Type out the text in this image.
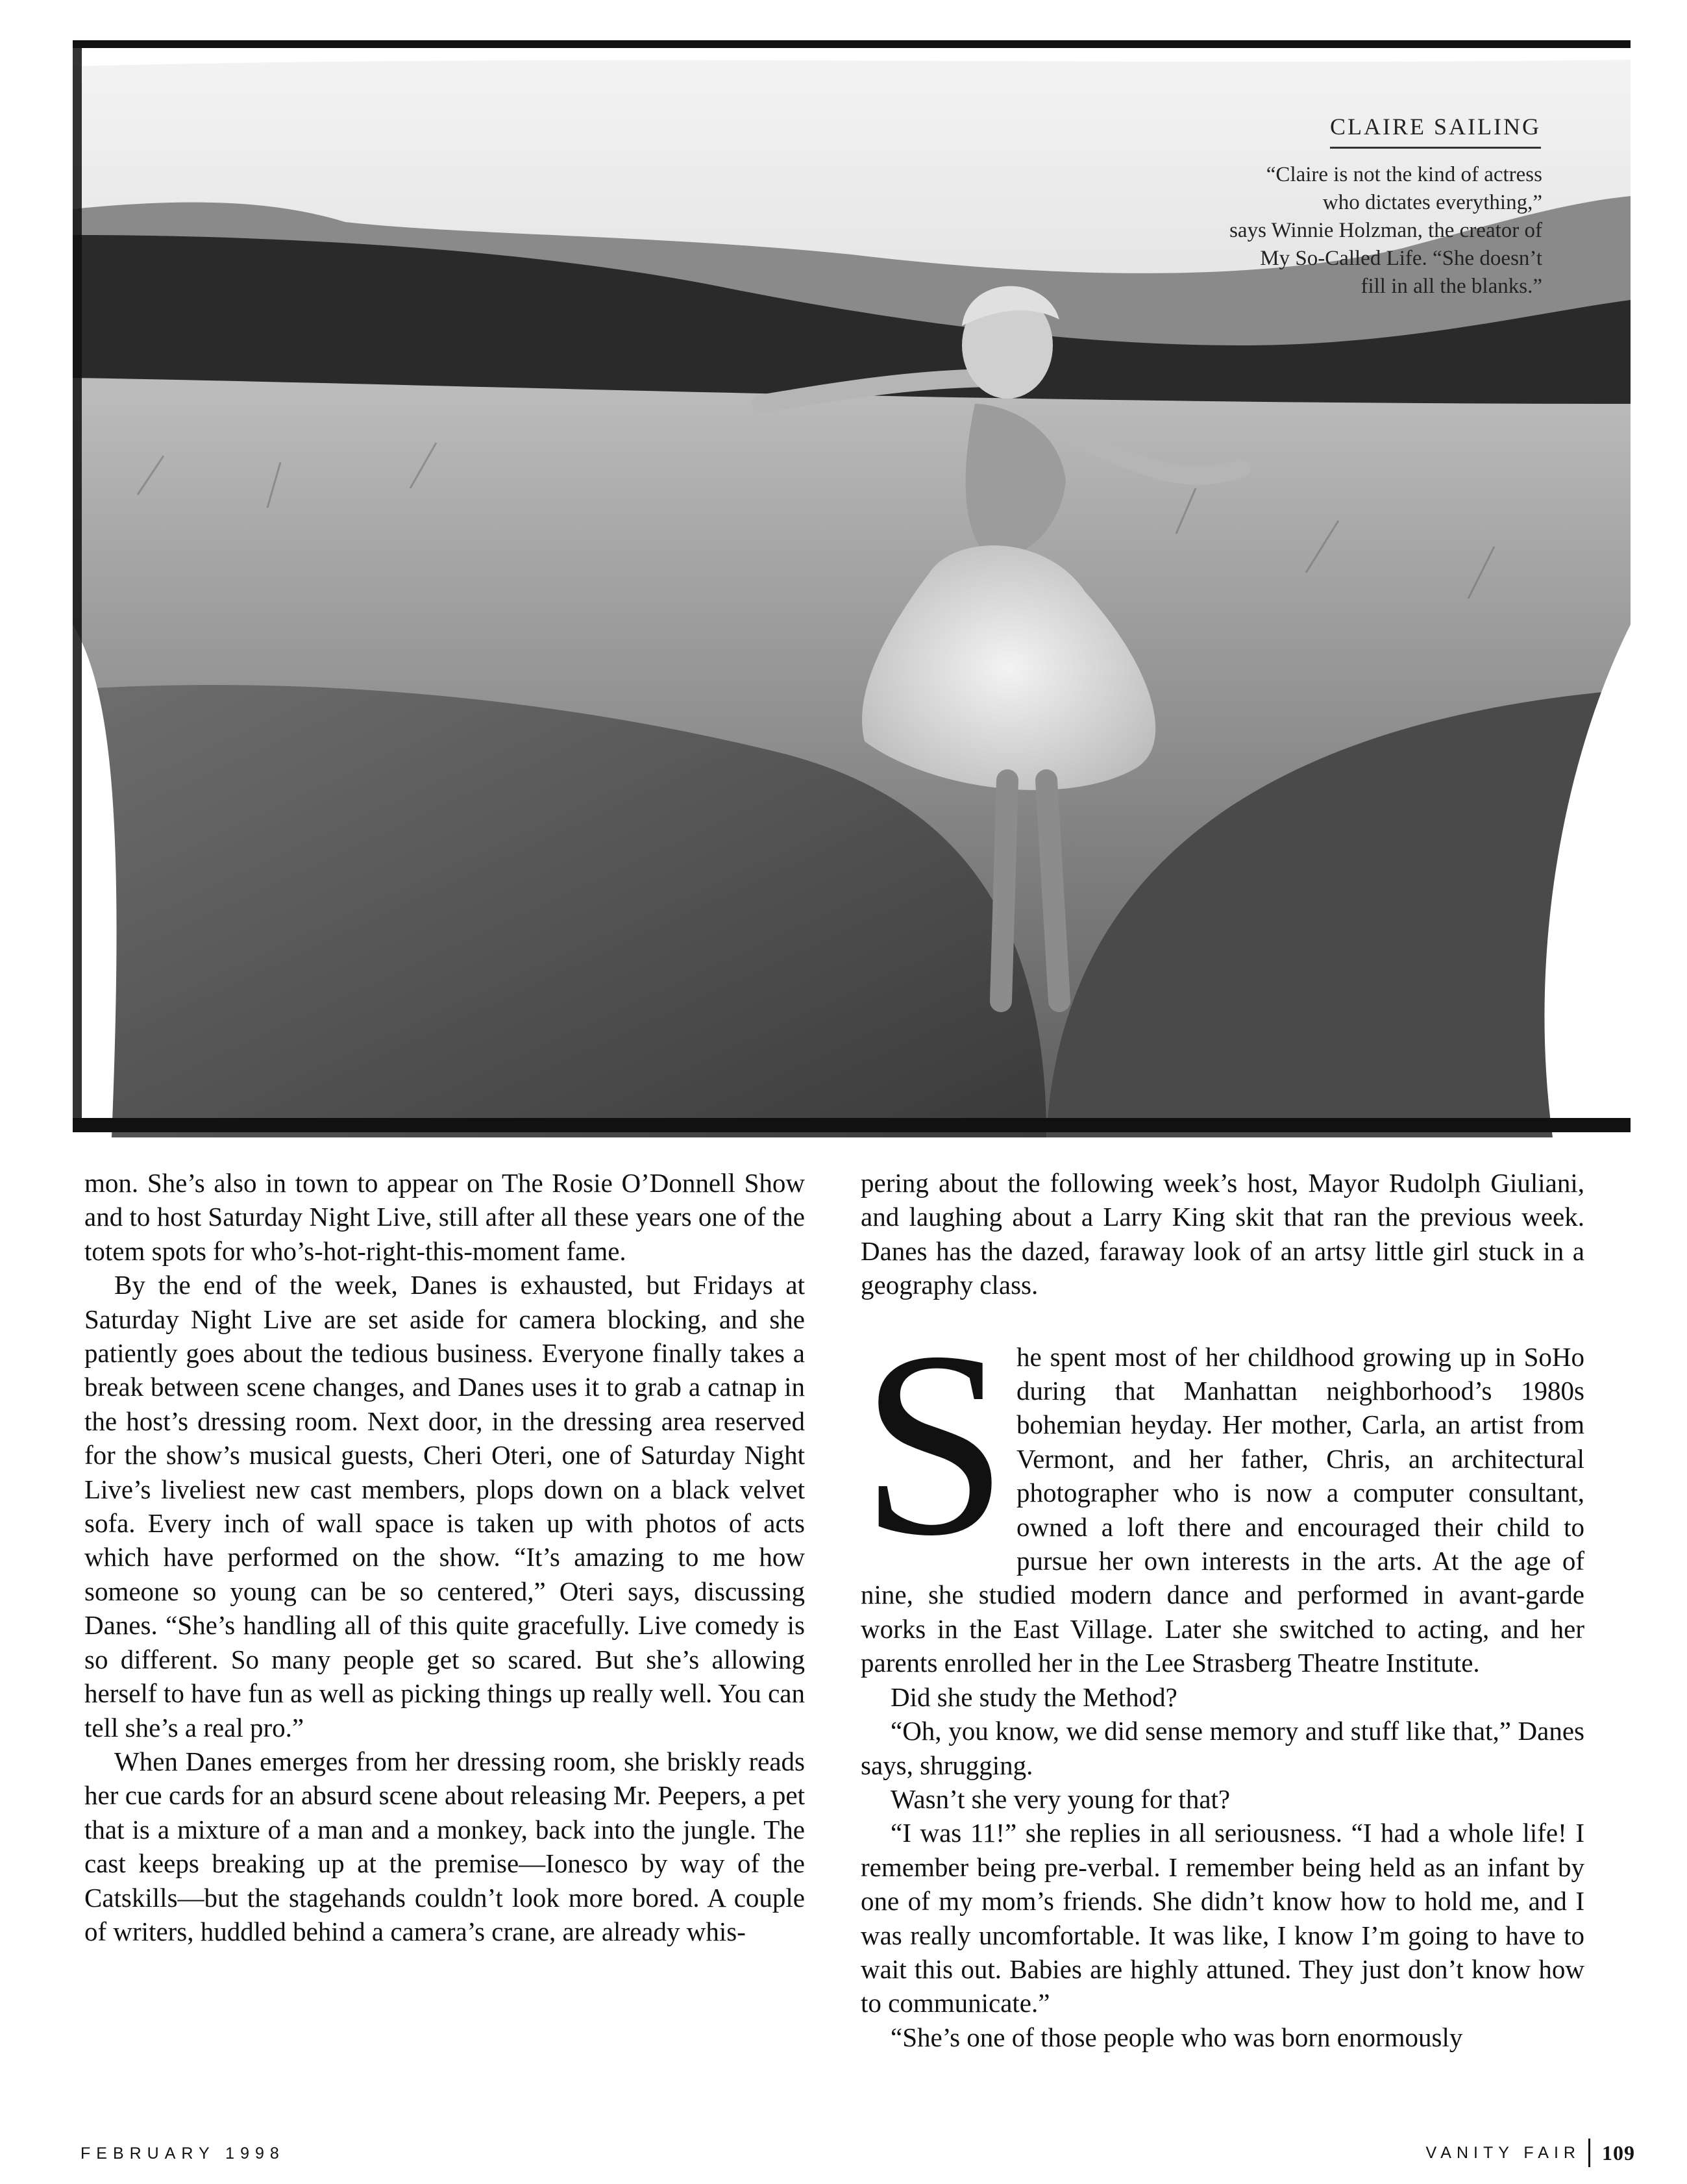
CLAIRE SAILING
“Claire is not the kind of actress
who dictates everything,”
says Winnie Holzman, the creator of
My So-Called Life. “She doesn’t
fill in all the blanks.”

mon. She’s also in town to appear on The Rosie O’Donnell Show and to host Saturday Night Live, still after all these years one of the totem spots for who’s-hot-right-this-moment fame.

By the end of the week, Danes is exhausted, but Fridays at Saturday Night Live are set aside for camera blocking, and she patiently goes about the tedious business. Everyone finally takes a break between scene changes, and Danes uses it to grab a catnap in the host’s dressing room. Next door, in the dressing area reserved for the show’s musical guests, Cheri Oteri, one of Saturday Night Live’s liveliest new cast members, plops down on a black velvet sofa. Every inch of wall space is taken up with photos of acts which have performed on the show. “It’s amazing to me how someone so young can be so centered,” Oteri says, discussing Danes. “She’s handling all of this quite gracefully. Live comedy is so different. So many people get so scared. But she’s allowing herself to have fun as well as picking things up really well. You can tell she’s a real pro.”

When Danes emerges from her dressing room, she briskly reads her cue cards for an absurd scene about releasing Mr. Peepers, a pet that is a mixture of a man and a monkey, back into the jungle. The cast keeps breaking up at the premise—Ionesco by way of the Catskills—but the stagehands couldn’t look more bored. A couple of writers, huddled behind a camera’s crane, are already whis-

pering about the following week’s host, Mayor Rudolph Giuliani, and laughing about a Larry King skit that ran the previous week. Danes has the dazed, faraway look of an artsy little girl stuck in a geography class.

S he spent most of her childhood growing up in SoHo during that Manhattan neighborhood’s 1980s bohemian heyday. Her mother, Carla, an artist from Vermont, and her father, Chris, an architectural photographer who is now a computer consultant, owned a loft there and encouraged their child to pursue her own interests in the arts. At the age of nine, she studied modern dance and performed in avant-garde works in the East Village. Later she switched to acting, and her parents enrolled her in the Lee Strasberg Theatre Institute.

Did she study the Method?

“Oh, you know, we did sense memory and stuff like that,” Danes says, shrugging.

Wasn’t she very young for that?

“I was 11!” she replies in all seriousness. “I had a whole life! I remember being pre-verbal. I remember being held as an infant by one of my mom’s friends. She didn’t know how to hold me, and I was really uncomfortable. It was like, I know I’m going to have to wait this out. Babies are highly attuned. They just don’t know how to communicate.”

“She’s one of those people who was born enormously

FEBRUARY 1998	VANITY FAIR 109
